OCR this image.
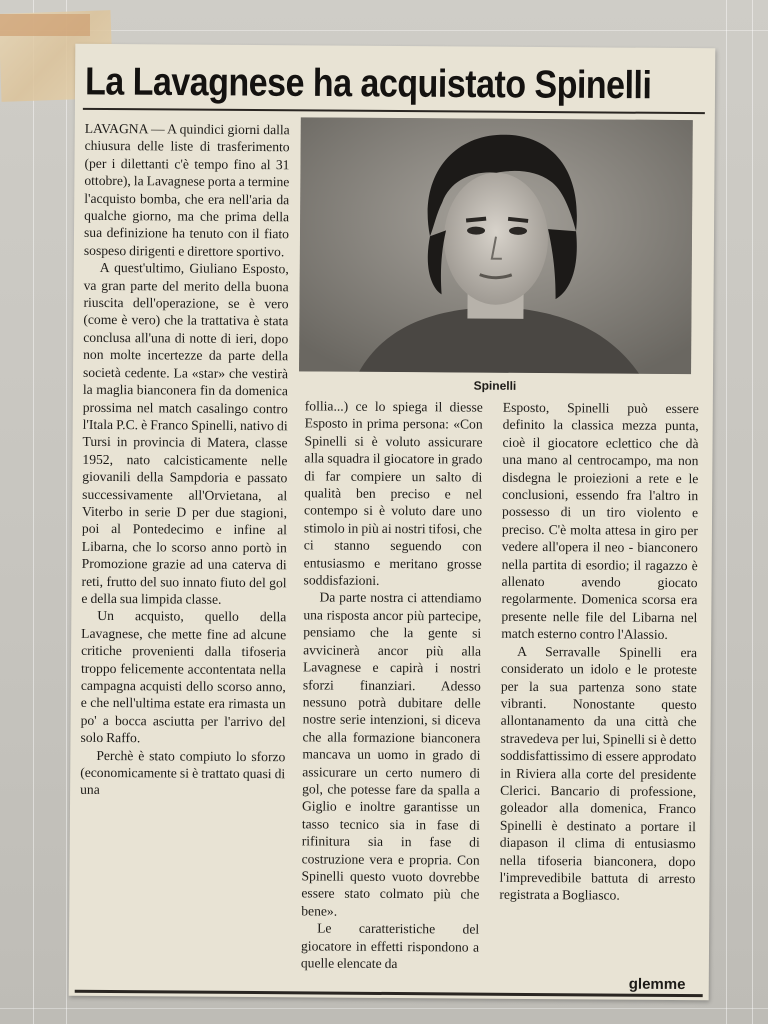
La Lavagnese ha acquistato Spinelli

Spinelli

LAVAGNA — A quindici giorni dalla chiusura delle liste di trasferimento (per i dilettanti c'è tempo fino al 31 ottobre), la Lavagnese porta a termine l'acquisto bomba, che era nell'aria da qualche giorno, ma che prima della sua definizione ha tenuto con il fiato sospeso dirigenti e direttore sportivo.

A quest'ultimo, Giuliano Esposto, va gran parte del merito della buona riuscita dell'operazione, se è vero (come è vero) che la trattativa è stata conclusa all'una di notte di ieri, dopo non molte incertezze da parte della società cedente. La «star» che vestirà la maglia bianconera fin da domenica prossima nel match casalingo contro l'Itala P.C. è Franco Spinelli, nativo di Tursi in provincia di Matera, classe 1952, nato calcisticamente nelle giovanili della Sampdoria e passato successivamente all'Orvietana, al Viterbo in serie D per due stagioni, poi al Pontedecimo e infine al Libarna, che lo scorso anno portò in Promozione grazie ad una caterva di reti, frutto del suo innato fiuto del gol e della sua limpida classe.

Un acquisto, quello della Lavagnese, che mette fine ad alcune critiche provenienti dalla tifoseria troppo felicemente accontentata nella campagna acquisti dello scorso anno, e che nell'ultima estate era rimasta un po' a bocca asciutta per l'arrivo del solo Raffo.

Perchè è stato compiuto lo sforzo (economicamente si è trattato quasi di una

follia...) ce lo spiega il diesse Esposto in prima persona: «Con Spinelli si è voluto assicurare alla squadra il giocatore in grado di far compiere un salto di qualità ben preciso e nel contempo si è voluto dare uno stimolo in più ai nostri tifosi, che ci stanno seguendo con entusiasmo e meritano grosse soddisfazioni.

Da parte nostra ci attendiamo una risposta ancor più partecipe, pensiamo che la gente si avvicinerà ancor più alla Lavagnese e capirà i nostri sforzi finanziari. Adesso nessuno potrà dubitare delle nostre serie intenzioni, si diceva che alla formazione bianconera mancava un uomo in grado di assicurare un certo numero di gol, che potesse fare da spalla a Giglio e inoltre garantisse un tasso tecnico sia in fase di rifinitura sia in fase di costruzione vera e propria. Con Spinelli questo vuoto dovrebbe essere stato colmato più che bene».

Le caratteristiche del giocatore in effetti rispondono a quelle elencate da

Esposto, Spinelli può essere definito la classica mezza punta, cioè il giocatore eclettico che dà una mano al centrocampo, ma non disdegna le proiezioni a rete e le conclusioni, essendo fra l'altro in possesso di un tiro violento e preciso. C'è molta attesa in giro per vedere all'opera il neo - bianconero nella partita di esordio; il ragazzo è allenato avendo giocato regolarmente. Domenica scorsa era presente nelle file del Libarna nel match esterno contro l'Alassio.

A Serravalle Spinelli era considerato un idolo e le proteste per la sua partenza sono state vibranti. Nonostante questo allontanamento da una città che stravedeva per lui, Spinelli si è detto soddisfattissimo di essere approdato in Riviera alla corte del presidente Clerici. Bancario di professione, goleador alla domenica, Franco Spinelli è destinato a portare il diapason il clima di entusiasmo nella tifoseria bianconera, dopo l'imprevedibile battuta di arresto registrata a Bogliasco.

glemme
